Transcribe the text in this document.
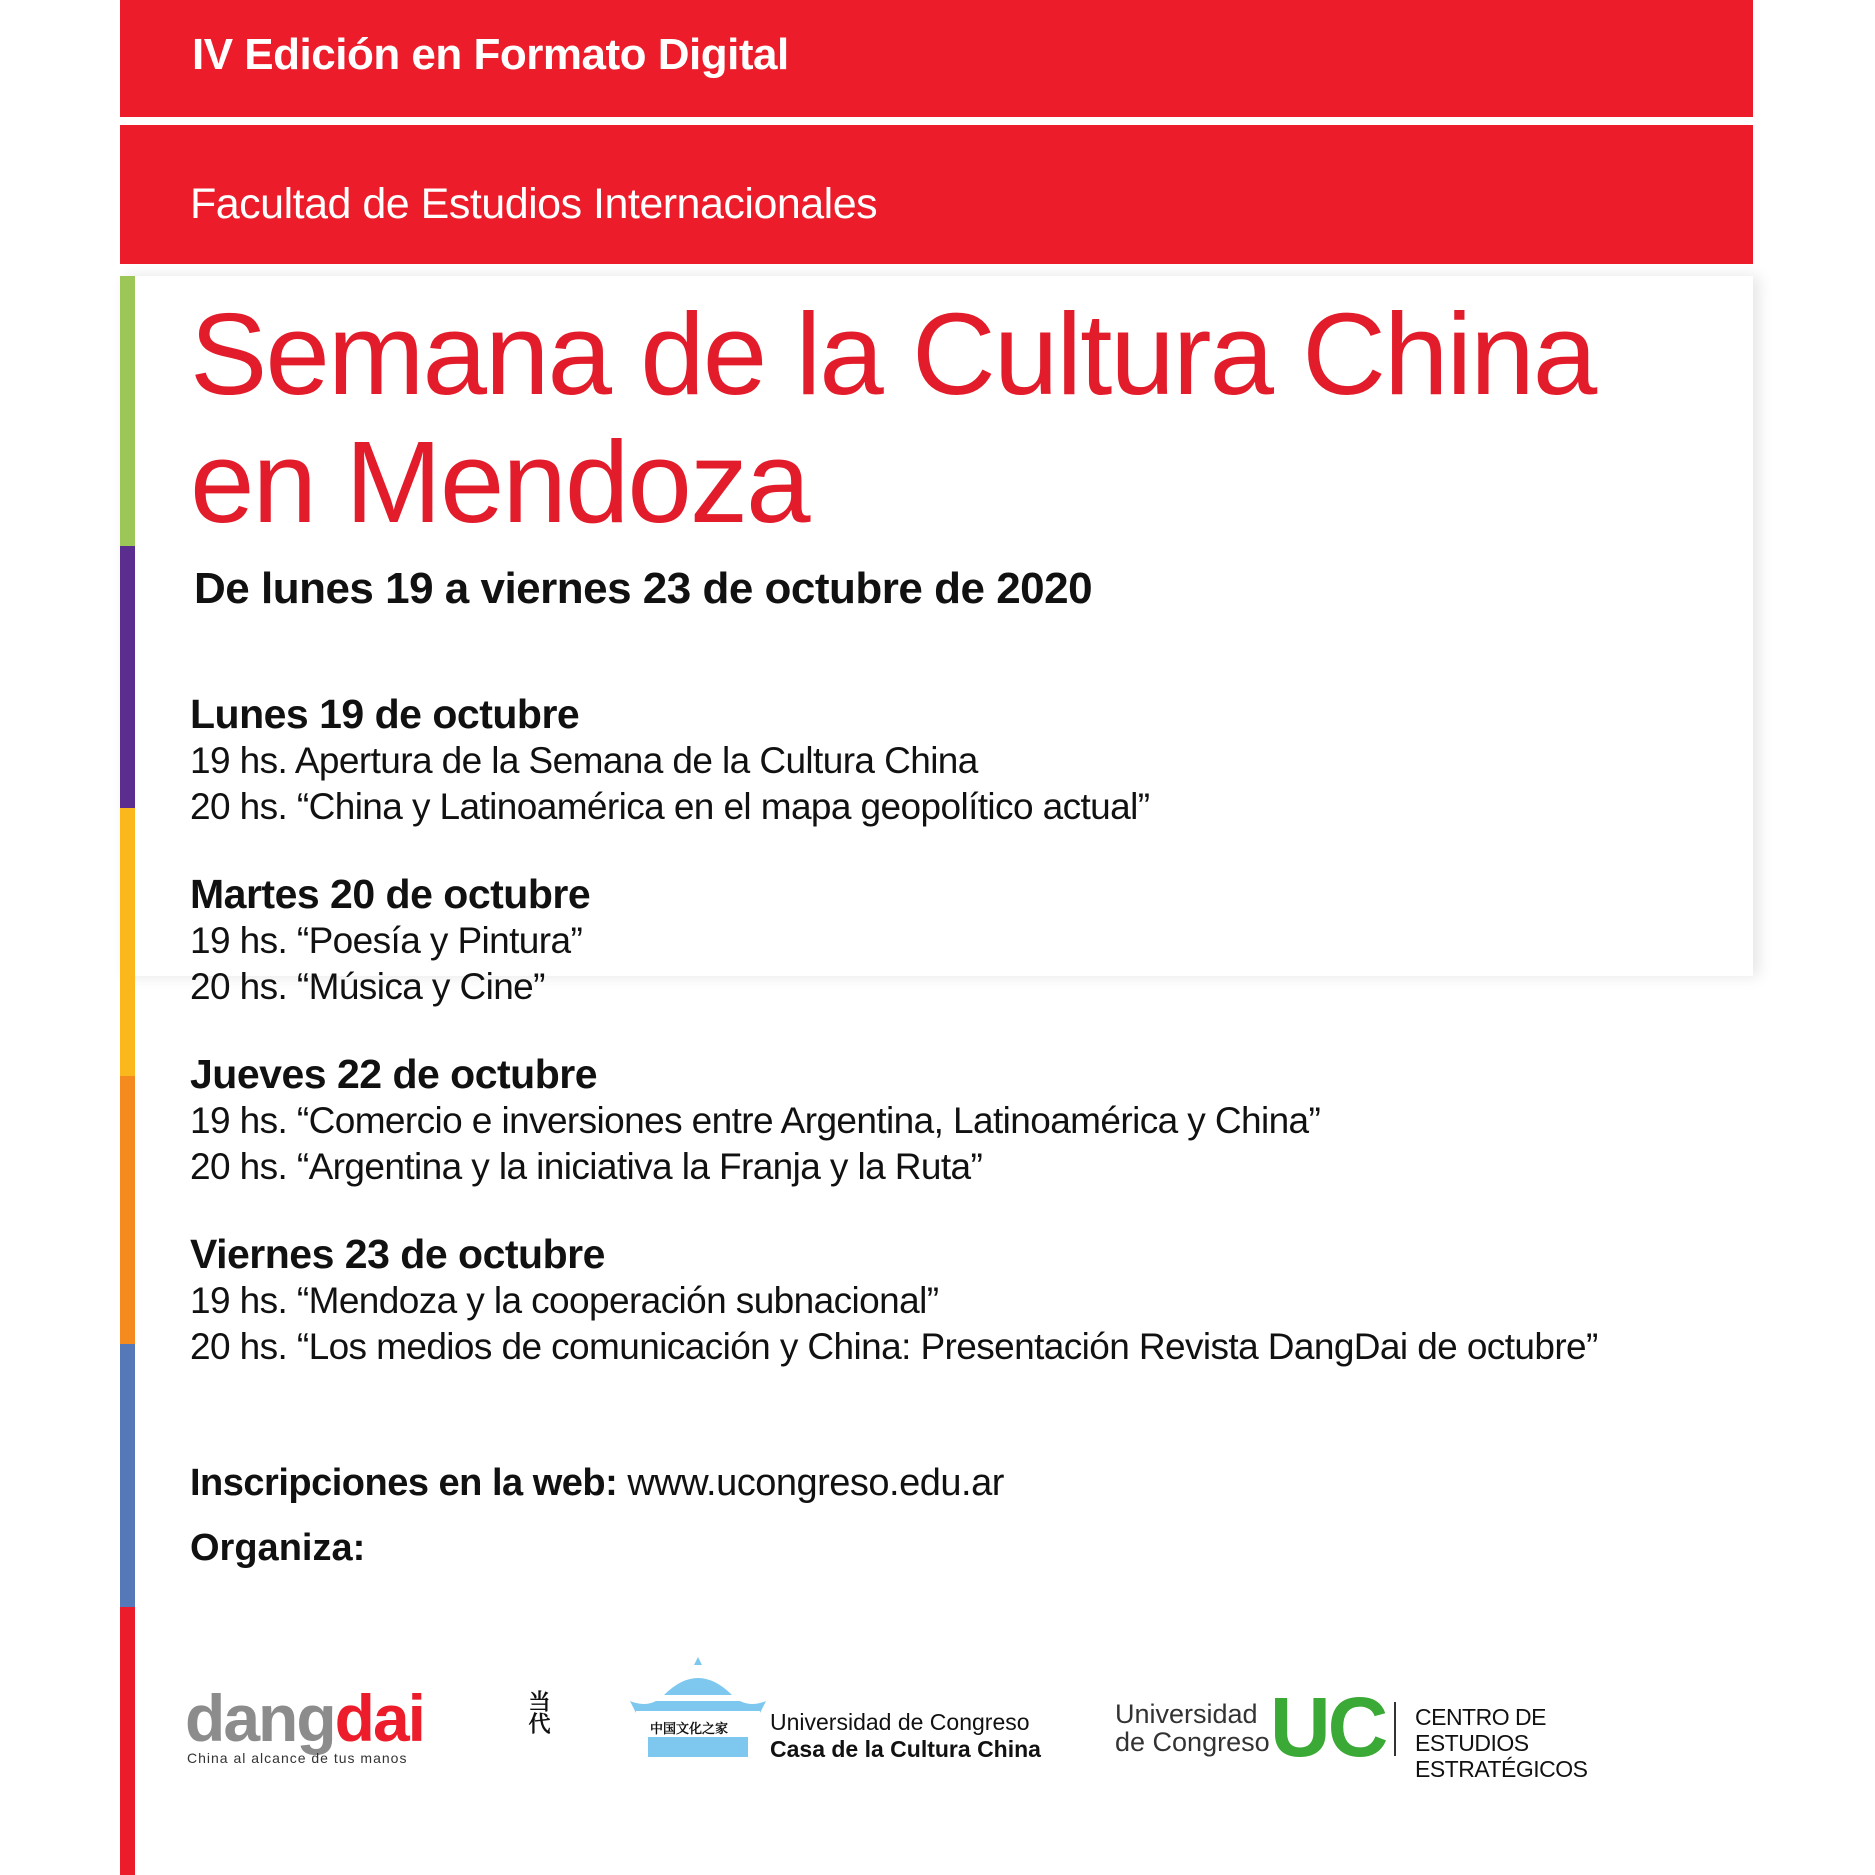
IV Edición en Formato Digital
Facultad de Estudios Internacionales
Semana de la Cultura China
en Mendoza
De lunes 19 a viernes 23 de octubre de 2020
Lunes 19 de octubre
19 hs. Apertura de la Semana de la Cultura China
20 hs. “China y Latinoamérica en el mapa geopolítico actual”
Martes 20 de octubre
19 hs. “Poesía y Pintura”
20 hs. “Música y Cine”
Jueves 22 de octubre
19 hs. “Comercio e inversiones entre Argentina, Latinoamérica y China”
20 hs. “Argentina y la iniciativa la Franja y la Ruta”
Viernes 23 de octubre
19 hs. “Mendoza y la cooperación subnacional”
20 hs. “Los medios de comunicación y China: Presentación Revista DangDai de octubre”
Inscripciones en la web: www.ucongreso.edu.ar
Organiza:
dangdai	当代
China al alcance de tus manos
中国文化之家 Universidad de Congreso
Casa de la Cultura China
Universidad
de Congreso UC CENTRO DE ESTUDIOS
ESTRATÉGICOS
